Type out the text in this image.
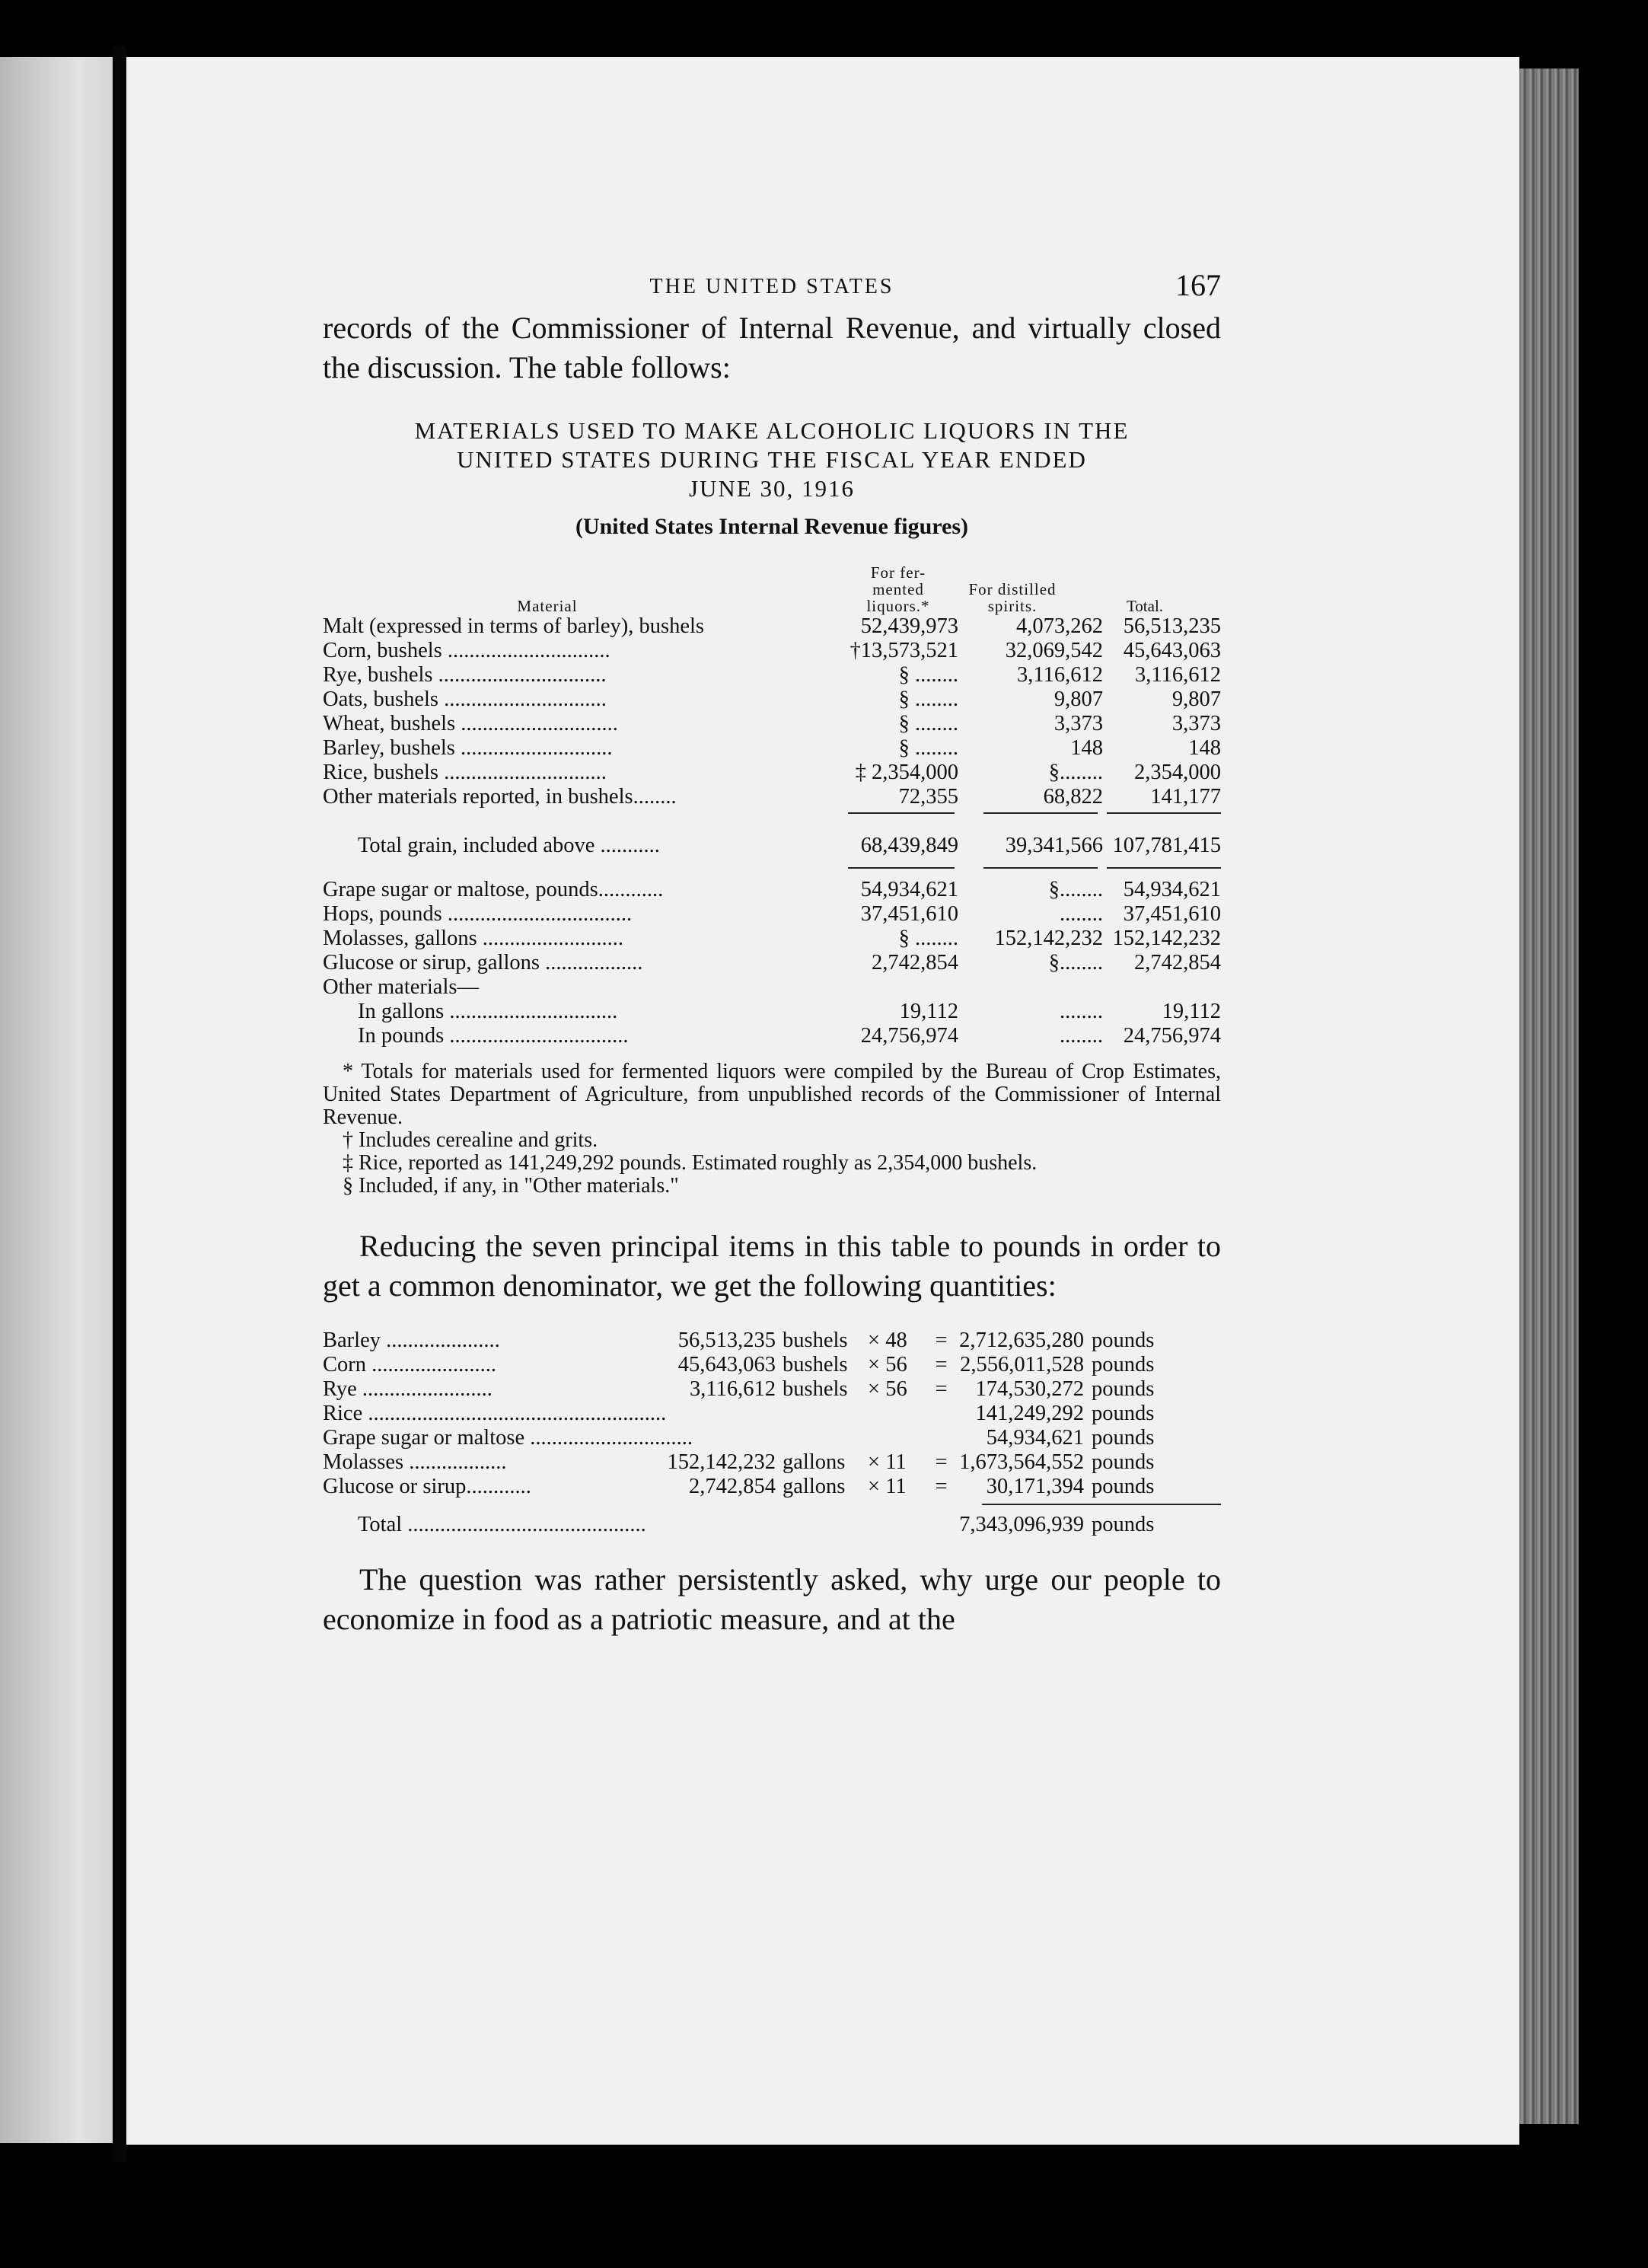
THE UNITED STATES	167

records of the Commissioner of Internal Revenue, and virtually closed the discussion. The table follows:

MATERIALS USED TO MAKE ALCOHOLIC LIQUORS IN THE
UNITED STATES DURING THE FISCAL YEAR ENDED
JUNE 30, 1916
(United States Internal Revenue figures)
Material
For fer-
mented
liquors.*
For distilled
spirits.	Total.
Malt (expressed in terms of barley), bushels	52,439,973	4,073,262 56,513,235
Corn, bushels ..............................	†13,573,521	32,069,542 45,643,063
Rye, bushels ...............................	§ ........	3,116,612	3,116,612
Oats, bushels ..............................	§ ........	9,807	9,807
Wheat, bushels .............................	§ ........	3,373	3,373
Barley, bushels ............................	§ ........	148	148
Rice, bushels ..............................	‡ 2,354,000	§........	2,354,000
Other materials reported, in bushels........	72,355	68,822	141,177
Total grain, included above ...........	68,439,849	39,341,566 107,781,415
Grape sugar or maltose, pounds............	54,934,621	§........ 54,934,621
Hops, pounds ..................................	37,451,610	........ 37,451,610
Molasses, gallons ..........................	§ ........	152,142,232 152,142,232
Glucose or sirup, gallons ..................	2,742,854	§........	2,742,854
Other materials—
In gallons ...............................	19,112	........	19,112
In pounds .................................	24,756,974	........ 24,756,974

* Totals for materials used for fermented liquors were compiled by the Bureau of Crop Estimates, United States Department of Agriculture, from unpublished records of the Commissioner of Internal Revenue.

† Includes cerealine and grits.

‡ Rice, reported as 141,249,292 pounds. Estimated roughly as 2,354,000 bushels.

§ Included, if any, in "Other materials."

Reducing the seven principal items in this table to pounds in order to get a common denominator, we get the following quantities:

Barley .....................	56,513,235 bushels × 48	= 2,712,635,280 pounds
Corn .......................	45,643,063 bushels × 56	= 2,556,011,528 pounds
Rye ........................	3,116,612 bushels × 56	=	174,530,272 pounds
Rice .......................................................	141,249,292 pounds
Grape sugar or maltose ..............................	54,934,621 pounds
Molasses ..................	152,142,232 gallons	× 11	= 1,673,564,552 pounds
Glucose or sirup............	2,742,854 gallons	× 11	=	30,171,394 pounds
Total ............................................	7,343,096,939 pounds

The question was rather persistently asked, why urge our people to economize in food as a patriotic measure, and at the
